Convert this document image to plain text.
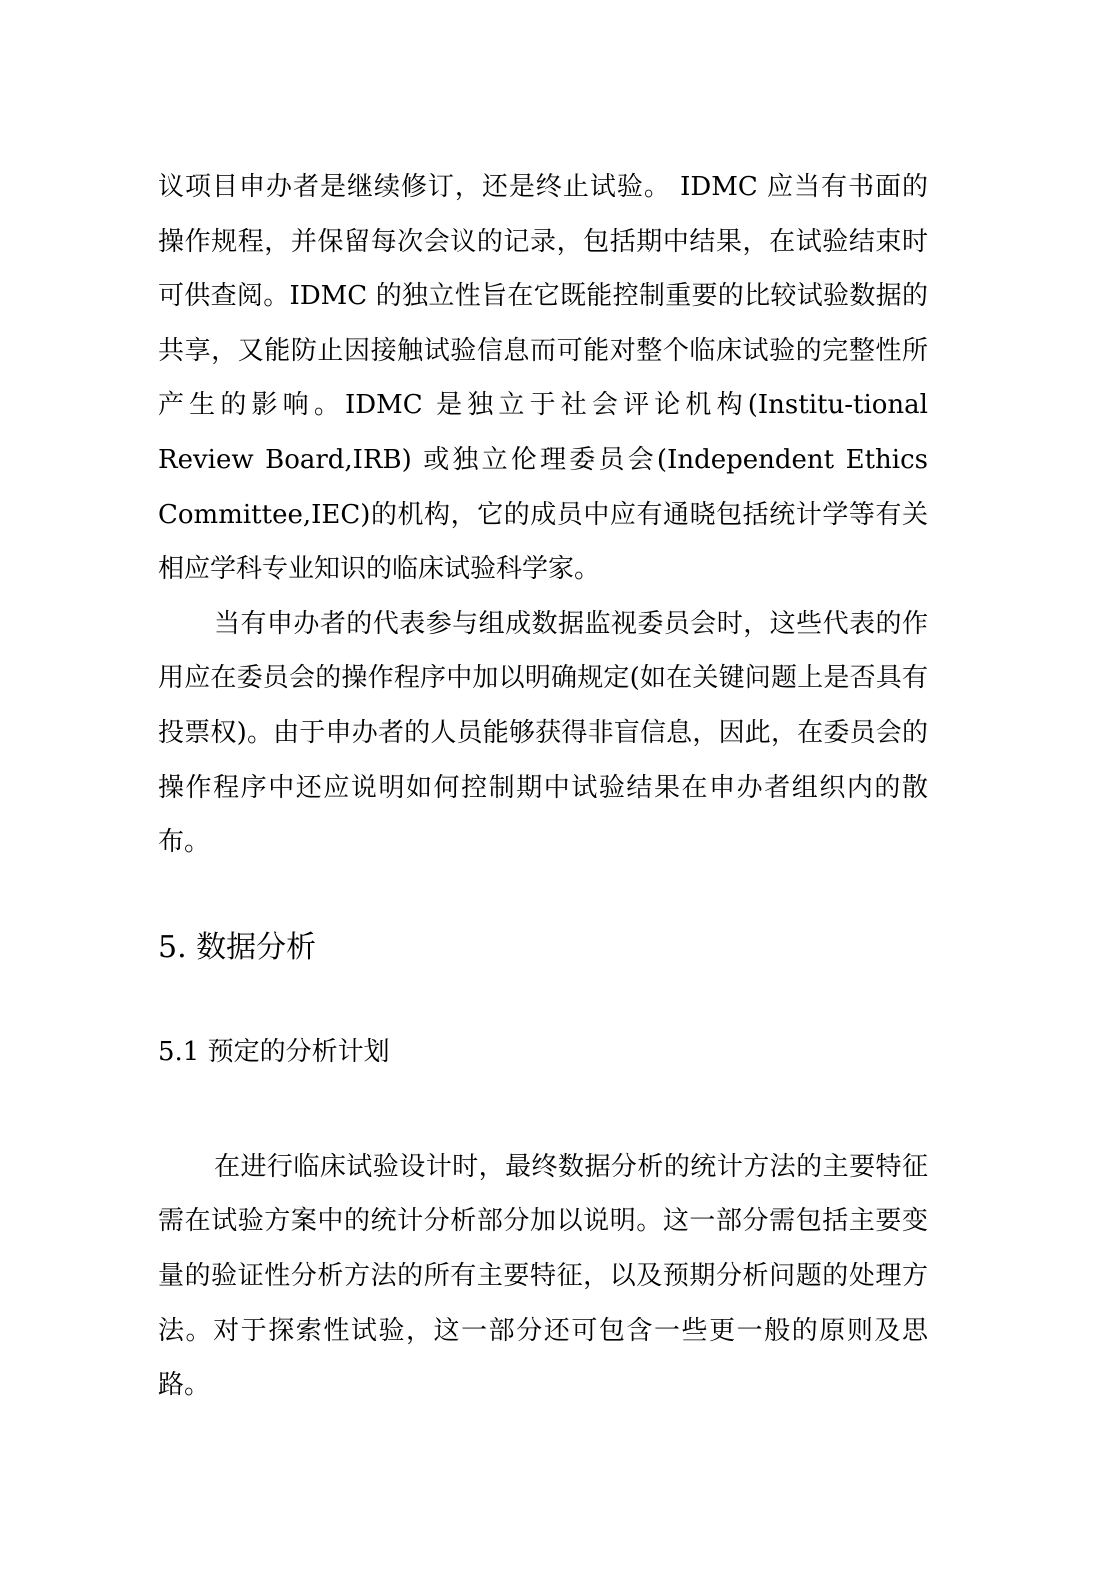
议项目申办者是继续修订，还是终止试验。 IDMC 应当有书面的操作规程，并保留每次会议的记录，包括期中结果，在试验结束时可供查阅。IDMC 的独立性旨在它既能控制重要的比较试验数据的共享，又能防止因接触试验信息而可能对整个临床试验的完整性所产生的影响。IDMC 是独立于社会评论机构(Institu-tional Review Board,IRB) 或独立伦理委员会(Independent Ethics Committee,IEC)的机构，它的成员中应有通晓包括统计学等有关相应学科专业知识的临床试验科学家。

当有申办者的代表参与组成数据监视委员会时，这些代表的作用应在委员会的操作程序中加以明确规定(如在关键问题上是否具有投票权)。由于申办者的人员能够获得非盲信息，因此，在委员会的操作程序中还应说明如何控制期中试验结果在申办者组织内的散布。

5. 数据分析
5.1 预定的分析计划

在进行临床试验设计时，最终数据分析的统计方法的主要特征需在试验方案中的统计分析部分加以说明。这一部分需包括主要变量的验证性分析方法的所有主要特征，以及预期分析问题的处理方法。对于探索性试验，这一部分还可包含一些更一般的原则及思路。
